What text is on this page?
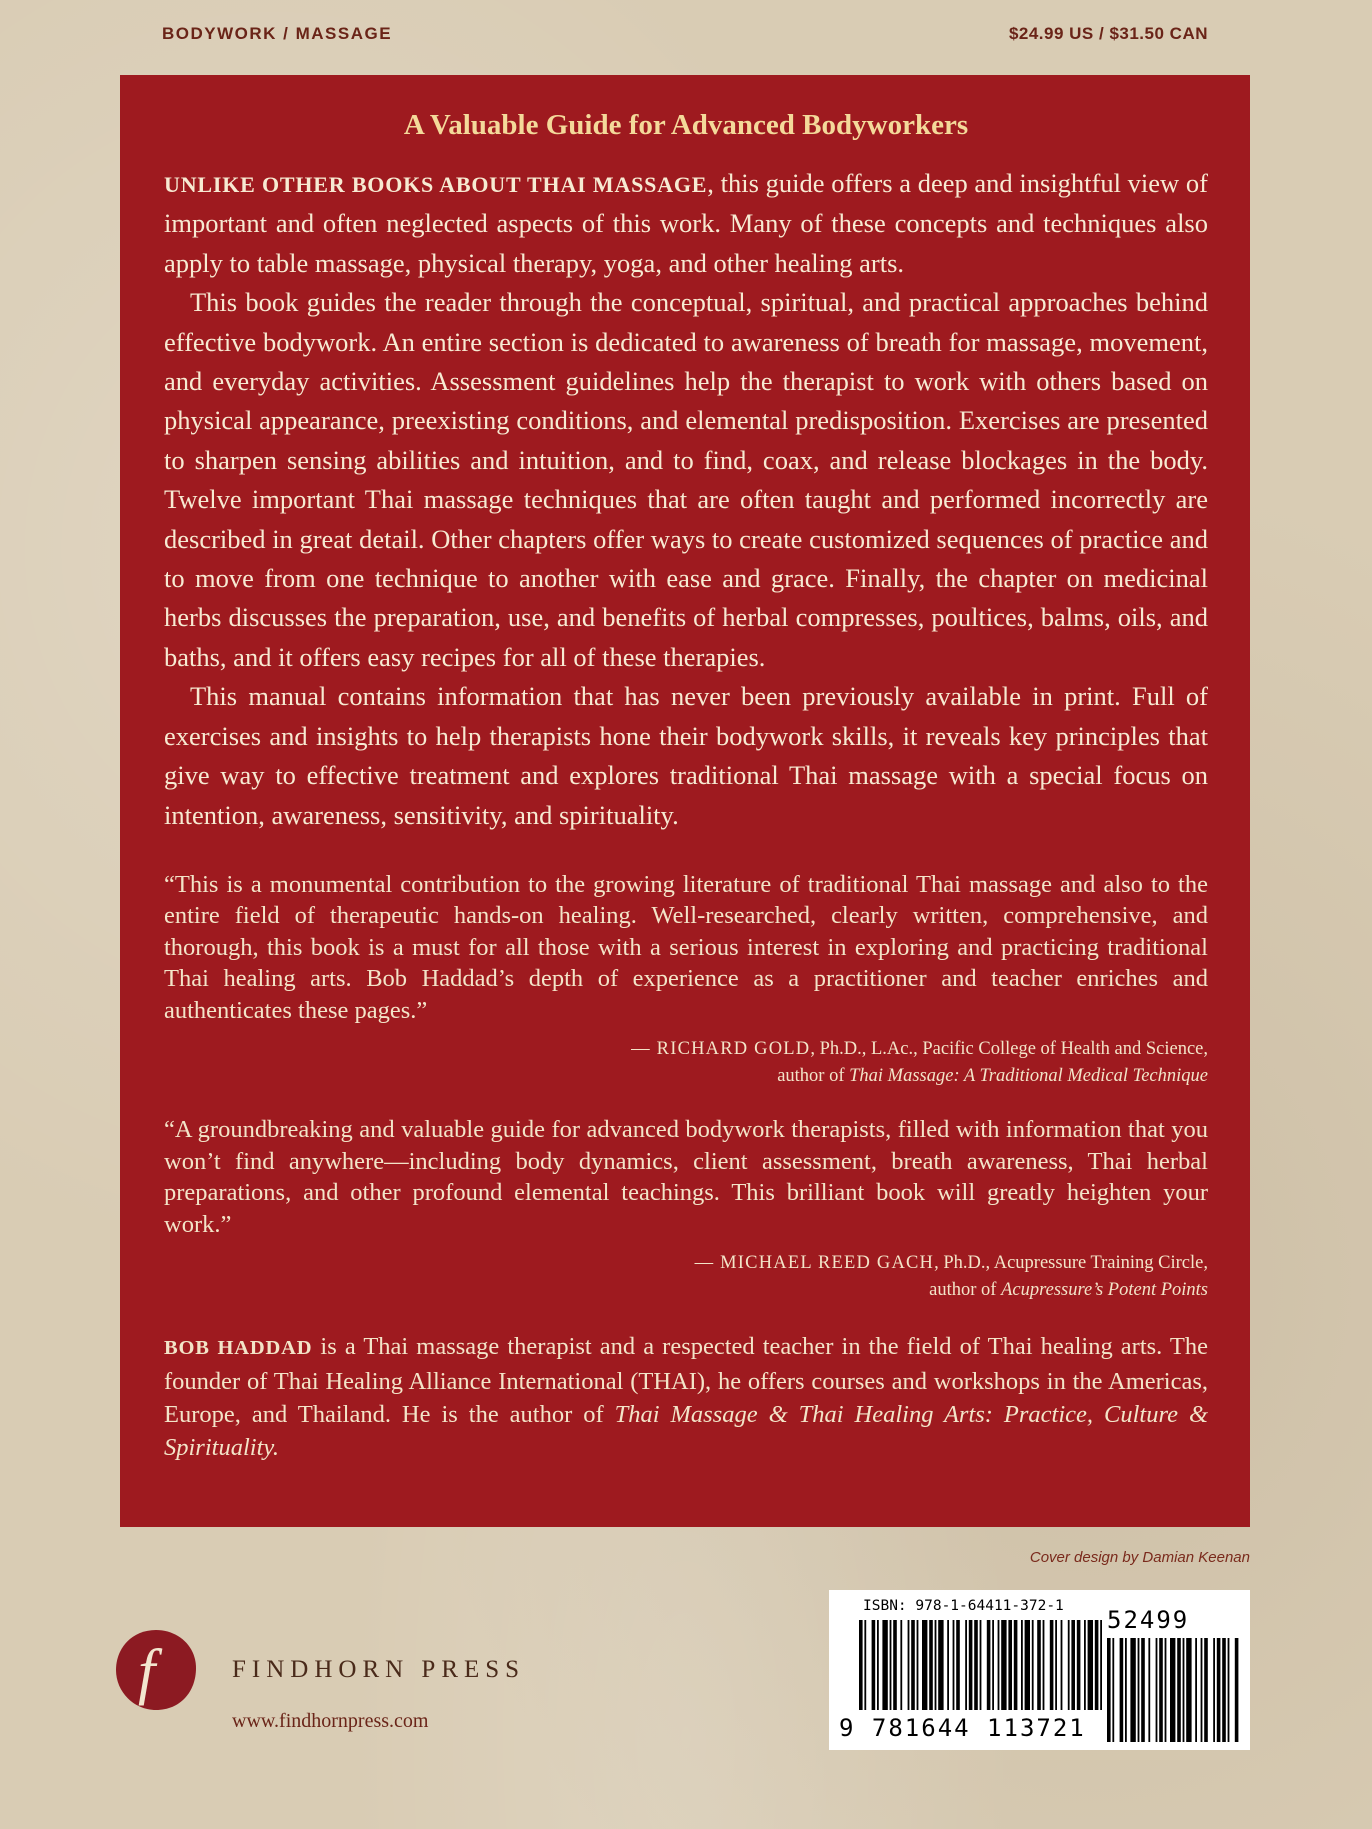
BODYWORK / MASSAGE	$24.99 US / $31.50 CAN
A Valuable Guide for Advanced Bodyworkers

UNLIKE OTHER BOOKS ABOUT THAI MASSAGE, this guide offers a deep and insightful view of important and often neglected aspects of this work. Many of these concepts and techniques also apply to table massage, physical therapy, yoga, and other healing arts.

This book guides the reader through the conceptual, spiritual, and practical approaches behind effective bodywork. An entire section is dedicated to awareness of breath for massage, movement, and everyday activities. Assessment guidelines help the therapist to work with others based on physical appearance, preexisting conditions, and elemental predisposition. Exercises are presented to sharpen sensing abilities and intuition, and to find, coax, and release blockages in the body. Twelve important Thai massage techniques that are often taught and performed incorrectly are described in great detail. Other chapters offer ways to create customized sequences of practice and to move from one technique to another with ease and grace. Finally, the chapter on medicinal herbs discusses the preparation, use, and benefits of herbal compresses, poultices, balms, oils, and baths, and it offers easy recipes for all of these therapies.

This manual contains information that has never been previously available in print. Full of exercises and insights to help therapists hone their bodywork skills, it reveals key principles that give way to effective treatment and explores traditional Thai massage with a special focus on intention, awareness, sensitivity, and spirituality.

“This is a monumental contribution to the growing literature of traditional Thai massage and also to the entire field of therapeutic hands-on healing. Well-researched, clearly written, comprehensive, and thorough, this book is a must for all those with a serious interest in exploring and practicing traditional Thai healing arts. Bob Haddad’s depth of experience as a practitioner and teacher enriches and authenticates these pages.”

— RICHARD GOLD, Ph.D., L.Ac., Pacific College of Health and Science,
author of Thai Massage: A Traditional Medical Technique

“A groundbreaking and valuable guide for advanced bodywork therapists, filled with information that you won’t find anywhere—including body dynamics, client assessment, breath awareness, Thai herbal preparations, and other profound elemental teachings. This brilliant book will greatly heighten your work.”

— MICHAEL REED GACH, Ph.D., Acupressure Training Circle,
author of Acupressure’s Potent Points

BOB HADDAD is a Thai massage therapist and a respected teacher in the field of Thai healing arts. The founder of Thai Healing Alliance International (THAI), he offers courses and workshops in the Americas, Europe, and Thailand. He is the author of Thai Massage & Thai Healing Arts: Practice, Culture & Spirituality.

Cover design by Damian Keenan
f	FINDHORN PRESS
www.findhornpress.com
ISBN: 978-1-64411-372-1
9 781644 113721
52499
